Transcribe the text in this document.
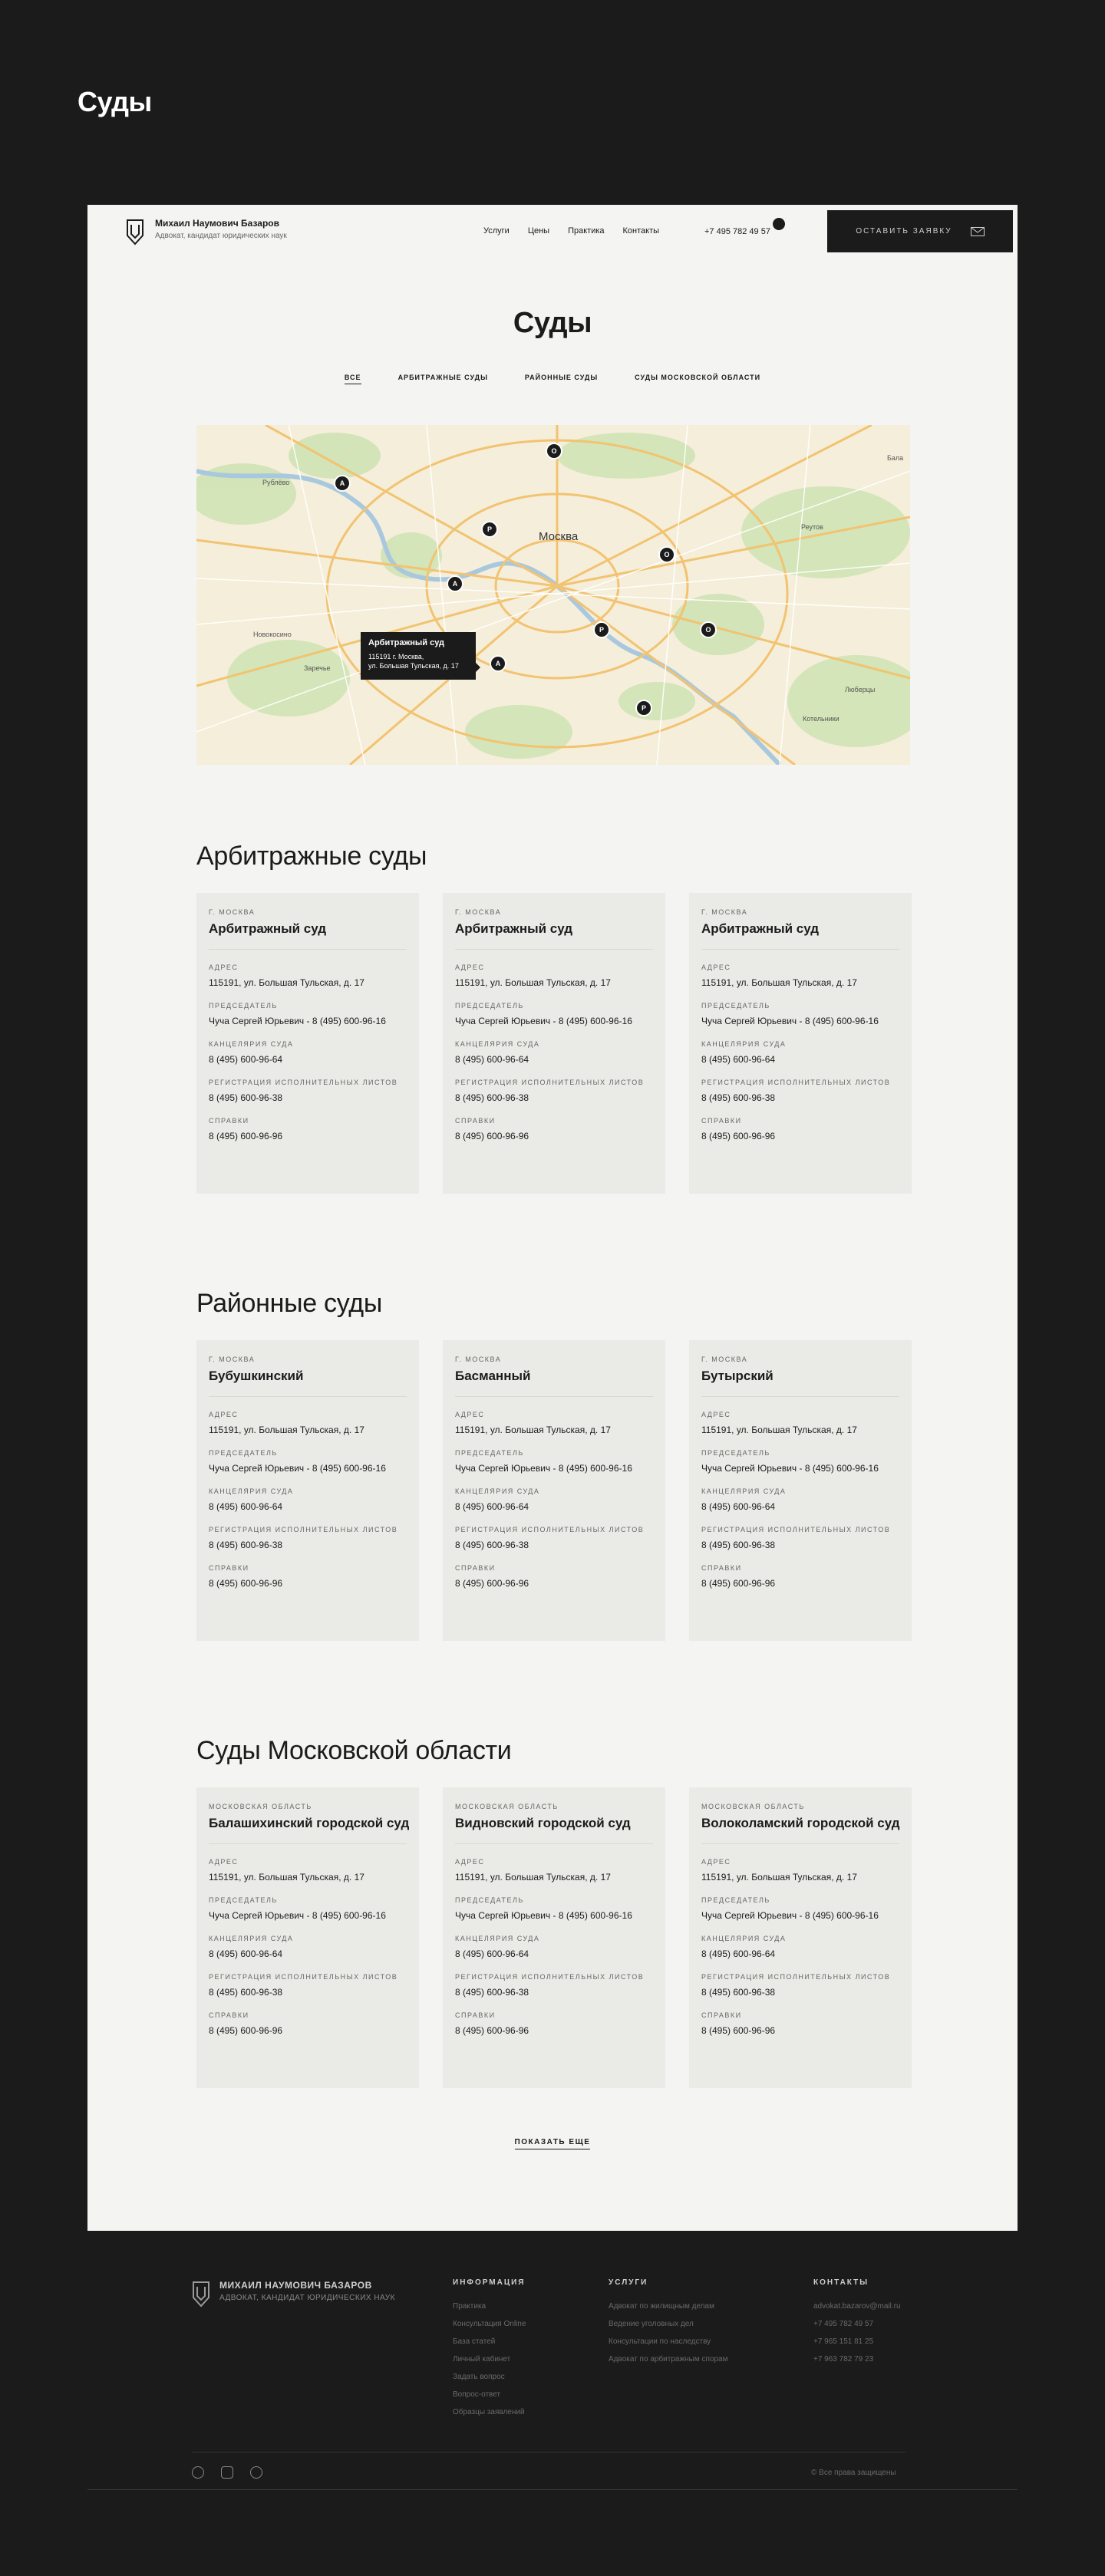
Суды
Михаил Наумович Базаров
Адвокат, кандидат юридических наук
Услуги Цены Практика Контакты	+7 495 782 49 57	ОСТАВИТЬ ЗАЯВКУ
Суды
ВСЕ	АРБИТРАЖНЫЕ СУДЫ	РАЙОННЫЕ СУДЫ	СУДЫ МОСКОВСКОЙ ОБЛАСТИ
Москва
Бала
Реутов
Люберцы
Котельники
Новокосино
Заречье
Рублёво	А
О
Р
О
А
Р	О
А
Р
Арбитражный суд
115191 г. Москва,
ул. Большая Тульская, д. 17
Арбитражные суды
Г. МОСКВА
Арбитражный суд
АДРЕС
115191, ул. Большая Тульская, д. 17
ПРЕДСЕДАТЕЛЬ
Чуча Сергей Юрьевич - 8 (495) 600-96-16
КАНЦЕЛЯРИЯ СУДА
8 (495) 600-96-64
РЕГИСТРАЦИЯ ИСПОЛНИТЕЛЬНЫХ ЛИСТОВ
8 (495) 600-96-38
СПРАВКИ
8 (495) 600-96-96
Г. МОСКВА
Арбитражный суд
АДРЕС
115191, ул. Большая Тульская, д. 17
ПРЕДСЕДАТЕЛЬ
Чуча Сергей Юрьевич - 8 (495) 600-96-16
КАНЦЕЛЯРИЯ СУДА
8 (495) 600-96-64
РЕГИСТРАЦИЯ ИСПОЛНИТЕЛЬНЫХ ЛИСТОВ
8 (495) 600-96-38
СПРАВКИ
8 (495) 600-96-96
Г. МОСКВА
Арбитражный суд
АДРЕС
115191, ул. Большая Тульская, д. 17
ПРЕДСЕДАТЕЛЬ
Чуча Сергей Юрьевич - 8 (495) 600-96-16
КАНЦЕЛЯРИЯ СУДА
8 (495) 600-96-64
РЕГИСТРАЦИЯ ИСПОЛНИТЕЛЬНЫХ ЛИСТОВ
8 (495) 600-96-38
СПРАВКИ
8 (495) 600-96-96
Районные суды
Г. МОСКВА
Бубушкинский
АДРЕС
115191, ул. Большая Тульская, д. 17
ПРЕДСЕДАТЕЛЬ
Чуча Сергей Юрьевич - 8 (495) 600-96-16
КАНЦЕЛЯРИЯ СУДА
8 (495) 600-96-64
РЕГИСТРАЦИЯ ИСПОЛНИТЕЛЬНЫХ ЛИСТОВ
8 (495) 600-96-38
СПРАВКИ
8 (495) 600-96-96
Г. МОСКВА
Басманный
АДРЕС
115191, ул. Большая Тульская, д. 17
ПРЕДСЕДАТЕЛЬ
Чуча Сергей Юрьевич - 8 (495) 600-96-16
КАНЦЕЛЯРИЯ СУДА
8 (495) 600-96-64
РЕГИСТРАЦИЯ ИСПОЛНИТЕЛЬНЫХ ЛИСТОВ
8 (495) 600-96-38
СПРАВКИ
8 (495) 600-96-96
Г. МОСКВА
Бутырский
АДРЕС
115191, ул. Большая Тульская, д. 17
ПРЕДСЕДАТЕЛЬ
Чуча Сергей Юрьевич - 8 (495) 600-96-16
КАНЦЕЛЯРИЯ СУДА
8 (495) 600-96-64
РЕГИСТРАЦИЯ ИСПОЛНИТЕЛЬНЫХ ЛИСТОВ
8 (495) 600-96-38
СПРАВКИ
8 (495) 600-96-96
Суды Московской области
МОСКОВСКАЯ ОБЛАСТЬ
Балашихинский городской суд
АДРЕС
115191, ул. Большая Тульская, д. 17
ПРЕДСЕДАТЕЛЬ
Чуча Сергей Юрьевич - 8 (495) 600-96-16
КАНЦЕЛЯРИЯ СУДА
8 (495) 600-96-64
РЕГИСТРАЦИЯ ИСПОЛНИТЕЛЬНЫХ ЛИСТОВ
8 (495) 600-96-38
СПРАВКИ
8 (495) 600-96-96
МОСКОВСКАЯ ОБЛАСТЬ
Видновский городской суд
АДРЕС
115191, ул. Большая Тульская, д. 17
ПРЕДСЕДАТЕЛЬ
Чуча Сергей Юрьевич - 8 (495) 600-96-16
КАНЦЕЛЯРИЯ СУДА
8 (495) 600-96-64
РЕГИСТРАЦИЯ ИСПОЛНИТЕЛЬНЫХ ЛИСТОВ
8 (495) 600-96-38
СПРАВКИ
8 (495) 600-96-96
МОСКОВСКАЯ ОБЛАСТЬ
Волоколамский городской суд
АДРЕС
115191, ул. Большая Тульская, д. 17
ПРЕДСЕДАТЕЛЬ
Чуча Сергей Юрьевич - 8 (495) 600-96-16
КАНЦЕЛЯРИЯ СУДА
8 (495) 600-96-64
РЕГИСТРАЦИЯ ИСПОЛНИТЕЛЬНЫХ ЛИСТОВ
8 (495) 600-96-38
СПРАВКИ
8 (495) 600-96-96
ПОКАЗАТЬ ЕЩЕ
МИХАИЛ НАУМОВИЧ БАЗАРОВ
АДВОКАТ, КАНДИДАТ ЮРИДИЧЕСКИХ НАУК
ИНФОРМАЦИЯ
Практика
Консультация Online
База статей
Личный кабинет
Задать вопрос
Вопрос-ответ
Образцы заявлений
УСЛУГИ
Адвокат по жилищным делам
Ведение уголовных дел
Консультации по наследству
Адвокат по арбитражным спорам
КОНТАКТЫ
advokat.bazarov@mail.ru
+7 495 782 49 57
+7 965 151 81 25
+7 963 782 79 23
© Все права защищены
